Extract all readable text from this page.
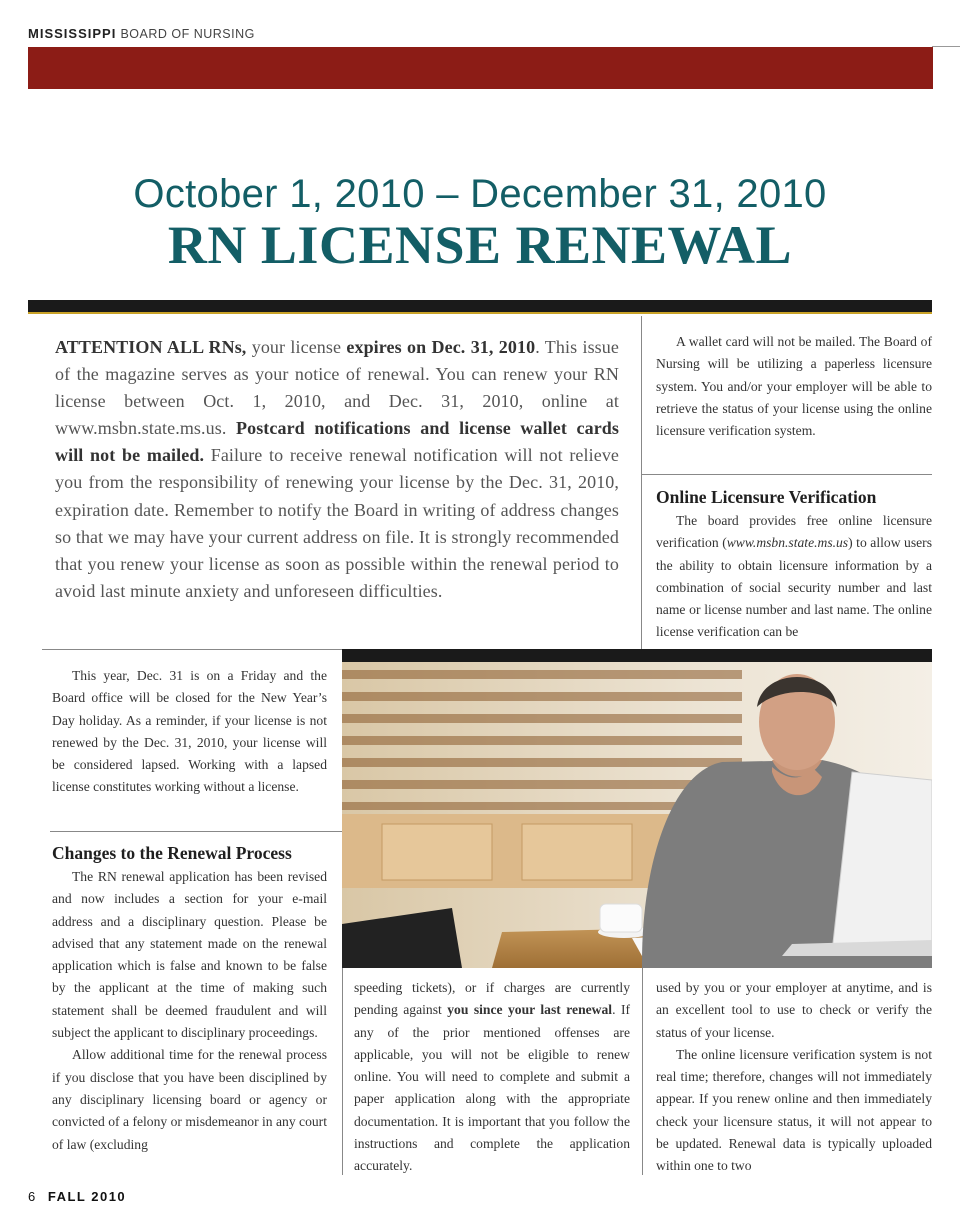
MISSISSIPPI BOARD OF NURSING
October 1, 2010 – December 31, 2010
RN LICENSE RENEWAL
ATTENTION ALL RNs, your license expires on Dec. 31, 2010. This issue of the magazine serves as your notice of renewal. You can renew your RN license between Oct. 1, 2010, and Dec. 31, 2010, online at www.msbn.state.ms.us. Postcard notifications and license wallet cards will not be mailed. Failure to receive renewal notification will not relieve you from the responsibility of renewing your license by the Dec. 31, 2010, expiration date. Remember to notify the Board in writing of address changes so that we may have your current address on file. It is strongly recommended that you renew your license as soon as possible within the renewal period to avoid last minute anxiety and unforeseen difficulties.

A wallet card will not be mailed. The Board of Nursing will be utilizing a paperless licensure system. You and/or your employer will be able to retrieve the status of your license using the online licensure verification system.

Online Licensure Verification

The board provides free online licensure verification (www.msbn.state.ms.us) to allow users the ability to obtain licensure information by a combination of social security number and last name or license number and last name. The online license verification can be

This year, Dec. 31 is on a Friday and the Board office will be closed for the New Year’s Day holiday. As a reminder, if your license is not renewed by the Dec. 31, 2010, your license will be considered lapsed. Working with a lapsed license constitutes working without a license.

Changes to the Renewal Process

The RN renewal application has been revised and now includes a section for your e-mail address and a disciplinary question. Please be advised that any statement made on the renewal application which is false and known to be false by the applicant at the time of making such statement shall be deemed fraudulent and will subject the applicant to disciplinary proceedings.

Allow additional time for the renewal process if you disclose that you have been disciplined by any disciplinary licensing board or agency or convicted of a felony or misdemeanor in any court of law (excluding

speeding tickets), or if charges are currently pending against you since your last renewal. If any of the prior mentioned offenses are applicable, you will not be eligible to renew online. You will need to complete and submit a paper application along with the appropriate documentation. It is important that you follow the instructions and complete the application accurately.

used by you or your employer at anytime, and is an excellent tool to use to check or verify the status of your license.

The online licensure verification system is not real time; therefore, changes will not immediately appear. If you renew online and then immediately check your licensure status, it will not appear to be updated. Renewal data is typically uploaded within one to two

6 FALL 2010
